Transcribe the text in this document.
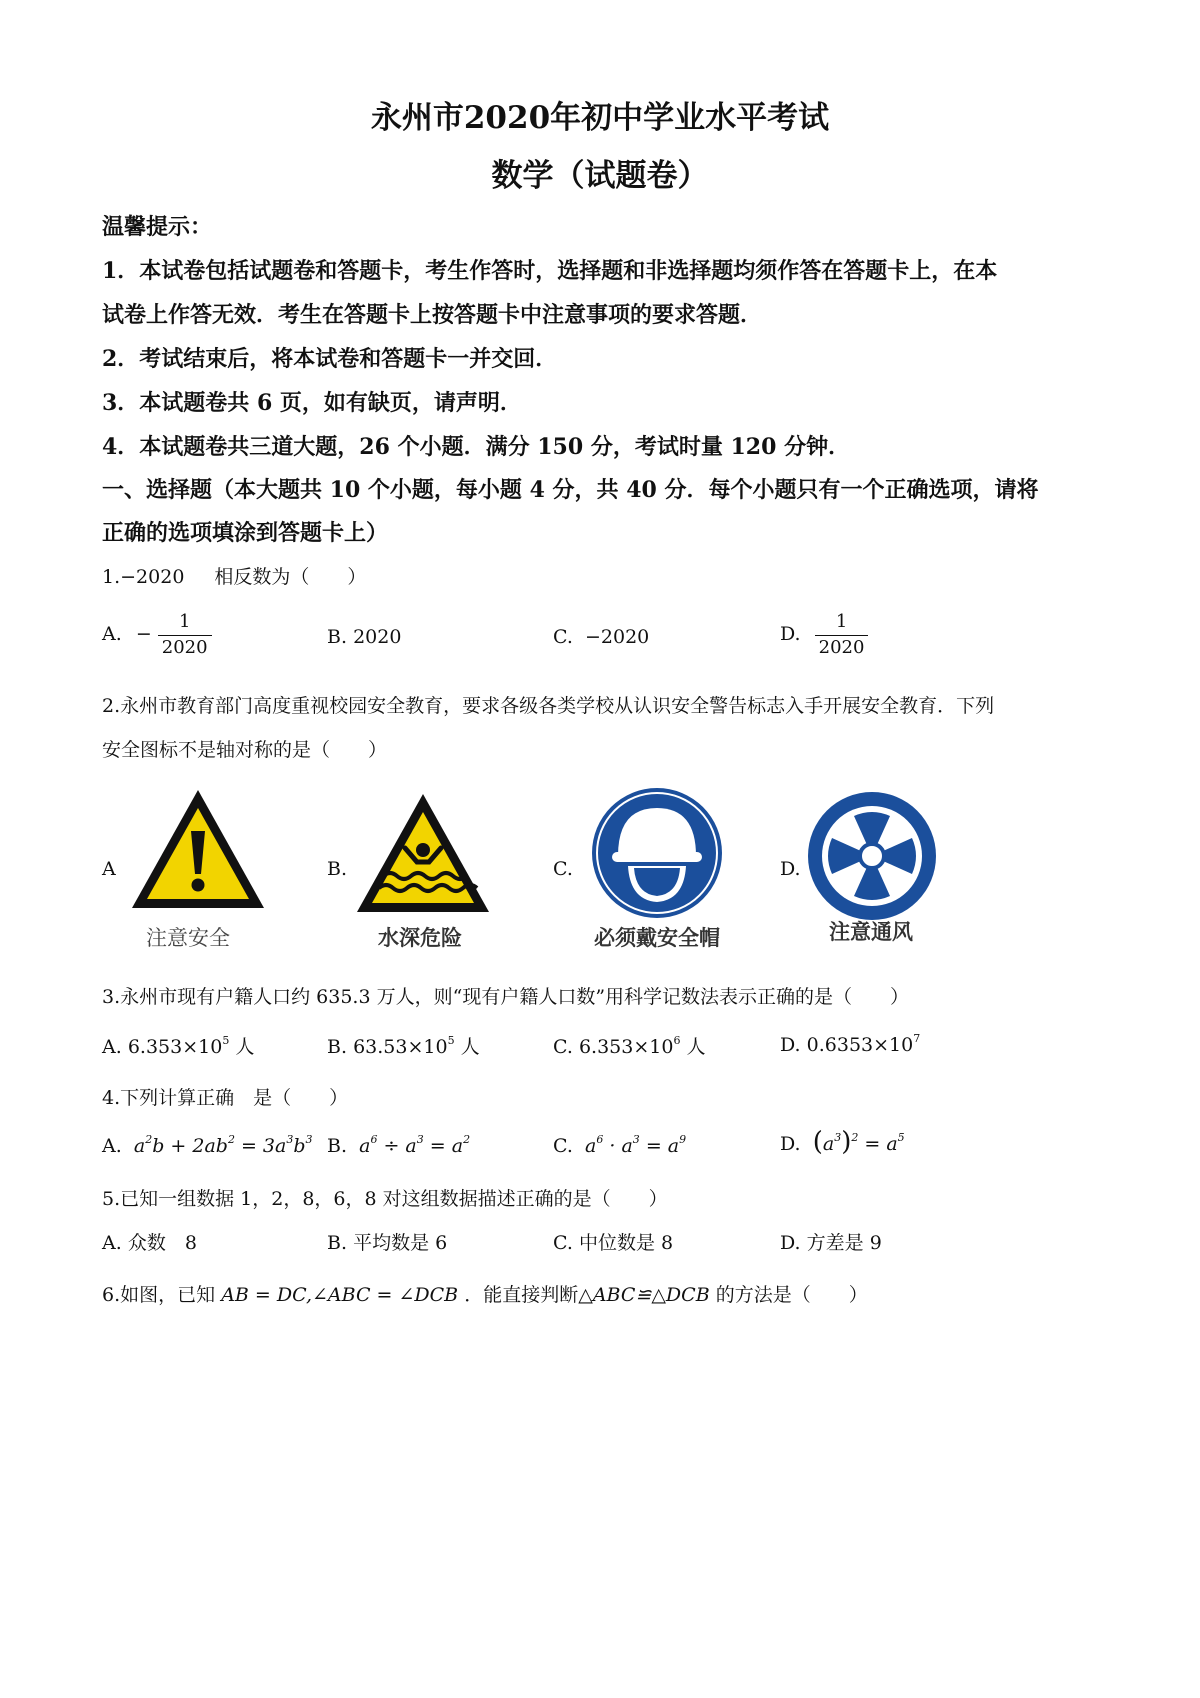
永州市2020年初中学业水平考试
数学（试题卷）
温馨提示：
1．本试卷包括试题卷和答题卡，考生作答时，选择题和非选择题均须作答在答题卡上，在本
试卷上作答无效．考生在答题卡上按答题卡中注意事项的要求答题．
2．考试结束后，将本试卷和答题卡一并交回．
3．本试题卷共 6 页，如有缺页，请声明．
4．本试题卷共三道大题，26 个小题．满分 150 分，考试时量 120 分钟．
一、选择题（本大题共 10 个小题，每小题 4 分，共 40 分．每个小题只有一个正确选项，请将
正确的选项填涂到答题卡上）
1.−2020 相反数为（　　）
A. − $\frac{1}{2020}$	B. 2020	C. −2020	D. $\frac{1}{2020}$
2.永州市教育部门高度重视校园安全教育，要求各级各类学校从认识安全警告标志入手开展安全教育．下列
安全图标不是轴对称的是（　　）
A	B.	C.	D.
注意安全	水深危险	必须戴安全帽	注意通风
3.永州市现有户籍人口约 635.3 万人，则“现有户籍人口数”用科学记数法表示正确的是（　　）
A. $6.353\times 10^5$ 人	B. $63.53\times 10^5$ 人	C. $6.353\times 10^6$ 人	D. $0.6353\times 10^7$
4.下列计算正确　是（　　）
A. $a^2b + 2ab^2 = 3a^3b^3$ B. $a^6 \div a^3 = a^2$	C. $a^6 \cdot a^3 = a^9$	D. $(a^3)^2 = a^5$
5.已知一组数据 1，2，8，6，8 对这组数据描述正确的是（　　）
A. 众数　8	B. 平均数是 6	C. 中位数是 8	D. 方差是 9
6.如图，已知 AB = DC,∠ABC = ∠DCB ．能直接判断△ABC≌△DCB 的方法是（　　）
